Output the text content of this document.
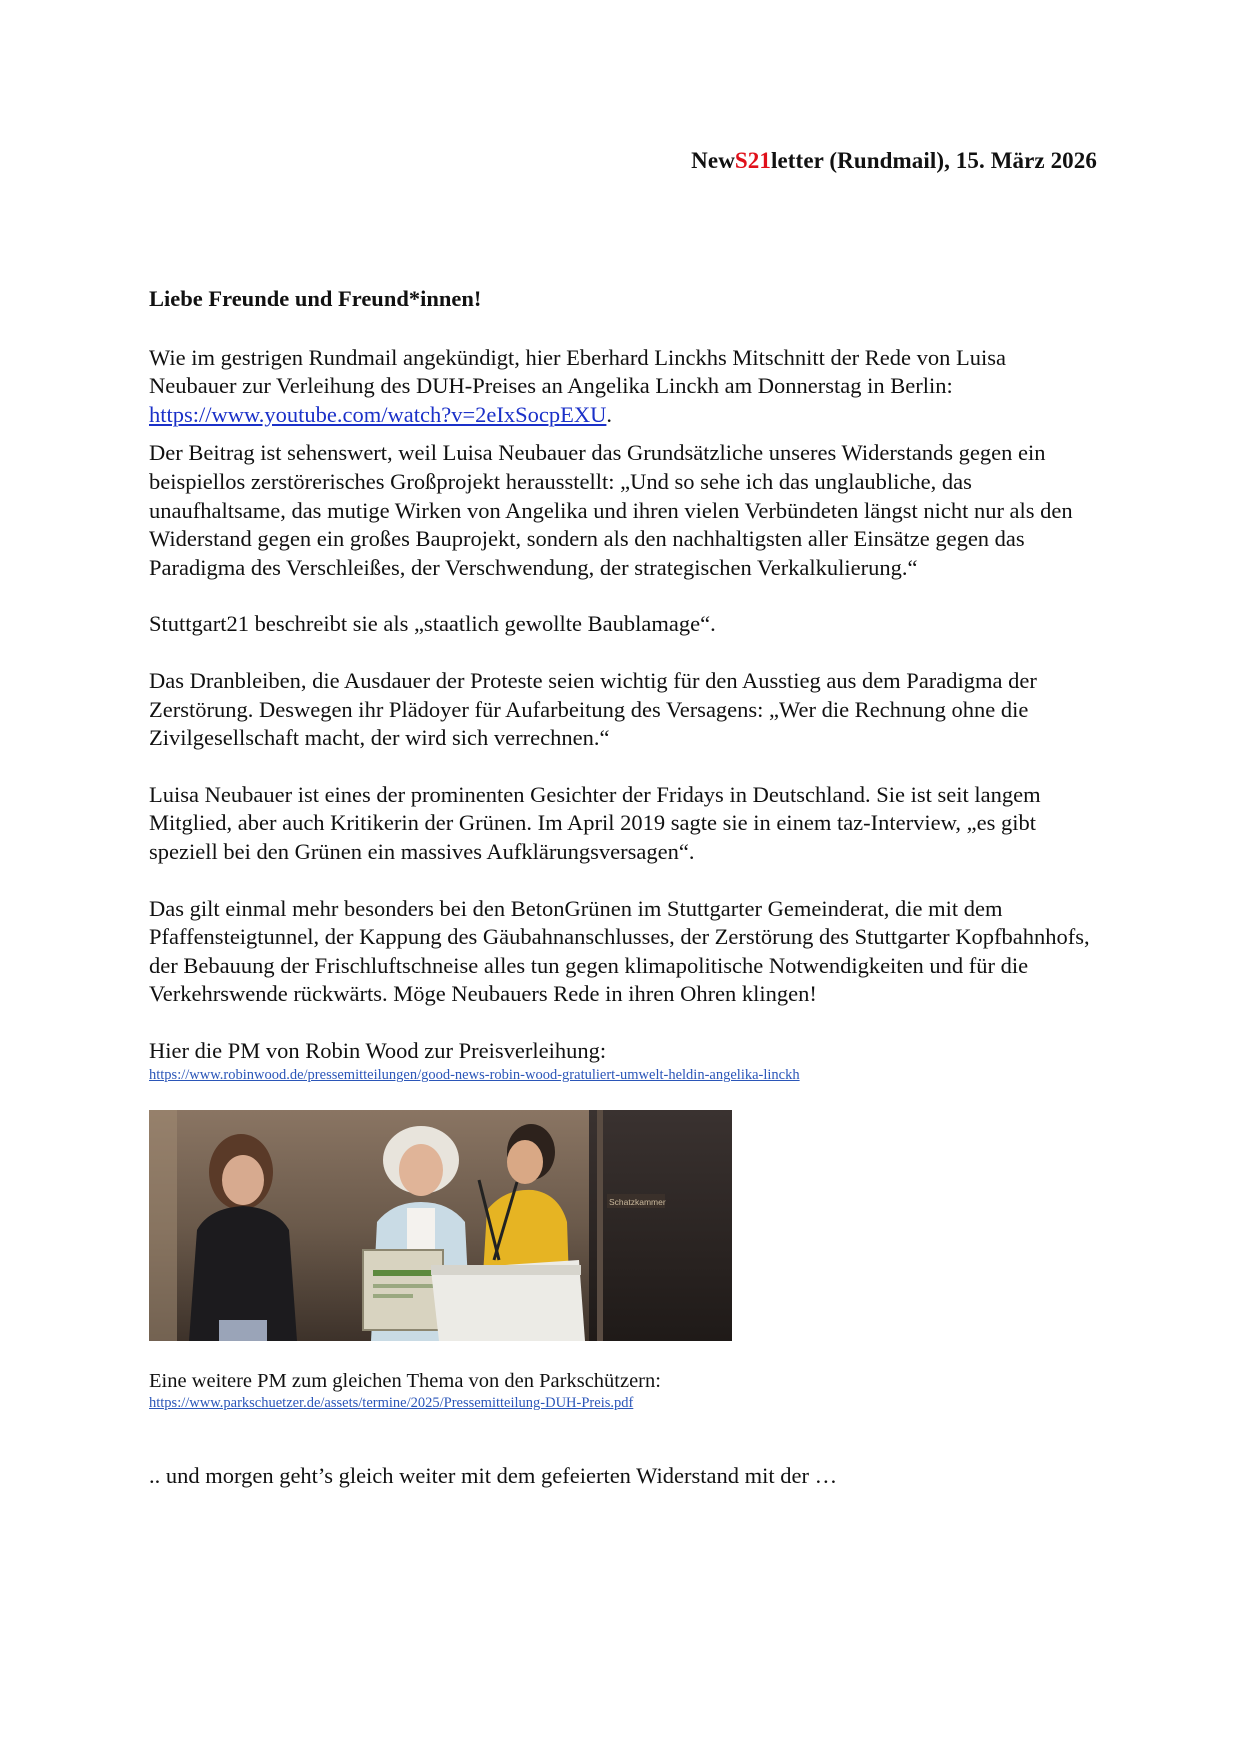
NewS21letter (Rundmail), 15. März 2026
Liebe Freunde und Freund*innen!

Wie im gestrigen Rundmail angekündigt, hier Eberhard Linckhs Mitschnitt der Rede von Luisa Neubauer zur Verleihung des DUH-Preises an Angelika Linckh am Donnerstag in Berlin: https://www.youtube.com/watch?v=2eIxSocpEXU.

Der Beitrag ist sehenswert, weil Luisa Neubauer das Grundsätzliche unseres Widerstands gegen ein beispiellos zerstörerisches Großprojekt herausstellt: „Und so sehe ich das unglaubliche, das unaufhaltsame, das mutige Wirken von Angelika und ihren vielen Verbündeten längst nicht nur als den Widerstand gegen ein großes Bauprojekt, sondern als den nachhaltigsten aller Einsätze gegen das Paradigma des Verschleißes, der Verschwendung, der strategischen Verkalkulierung.“

Stuttgart21 beschreibt sie als „staatlich gewollte Baublamage“.

Das Dranbleiben, die Ausdauer der Proteste seien wichtig für den Ausstieg aus dem Paradigma der Zerstörung. Deswegen ihr Plädoyer für Aufarbeitung des Versagens: „Wer die Rechnung ohne die Zivilgesellschaft macht, der wird sich verrechnen.“

Luisa Neubauer ist eines der prominenten Gesichter der Fridays in Deutschland. Sie ist seit langem Mitglied, aber auch Kritikerin der Grünen. Im April 2019 sagte sie in einem taz-Interview, „es gibt speziell bei den Grünen ein massives Aufklärungsversagen“.

Das gilt einmal mehr besonders bei den BetonGrünen im Stuttgarter Gemeinderat, die mit dem Pfaffensteigtunnel, der Kappung des Gäubahnanschlusses, der Zerstörung des Stuttgarter Kopfbahnhofs, der Bebauung der Frischluftschneise alles tun gegen klimapolitische Notwendigkeiten und für die Verkehrswende rückwärts. Möge Neubauers Rede in ihren Ohren klingen!

Hier die PM von Robin Wood zur Preisverleihung:

https://www.robinwood.de/pressemitteilungen/good-news-robin-wood-gratuliert-umwelt-heldin-angelika-linckh
Schatzkammer

Eine weitere PM zum gleichen Thema von den Parkschützern:

https://www.parkschuetzer.de/assets/termine/2025/Pressemitteilung-DUH-Preis.pdf

.. und morgen geht’s gleich weiter mit dem gefeierten Widerstand mit der …
